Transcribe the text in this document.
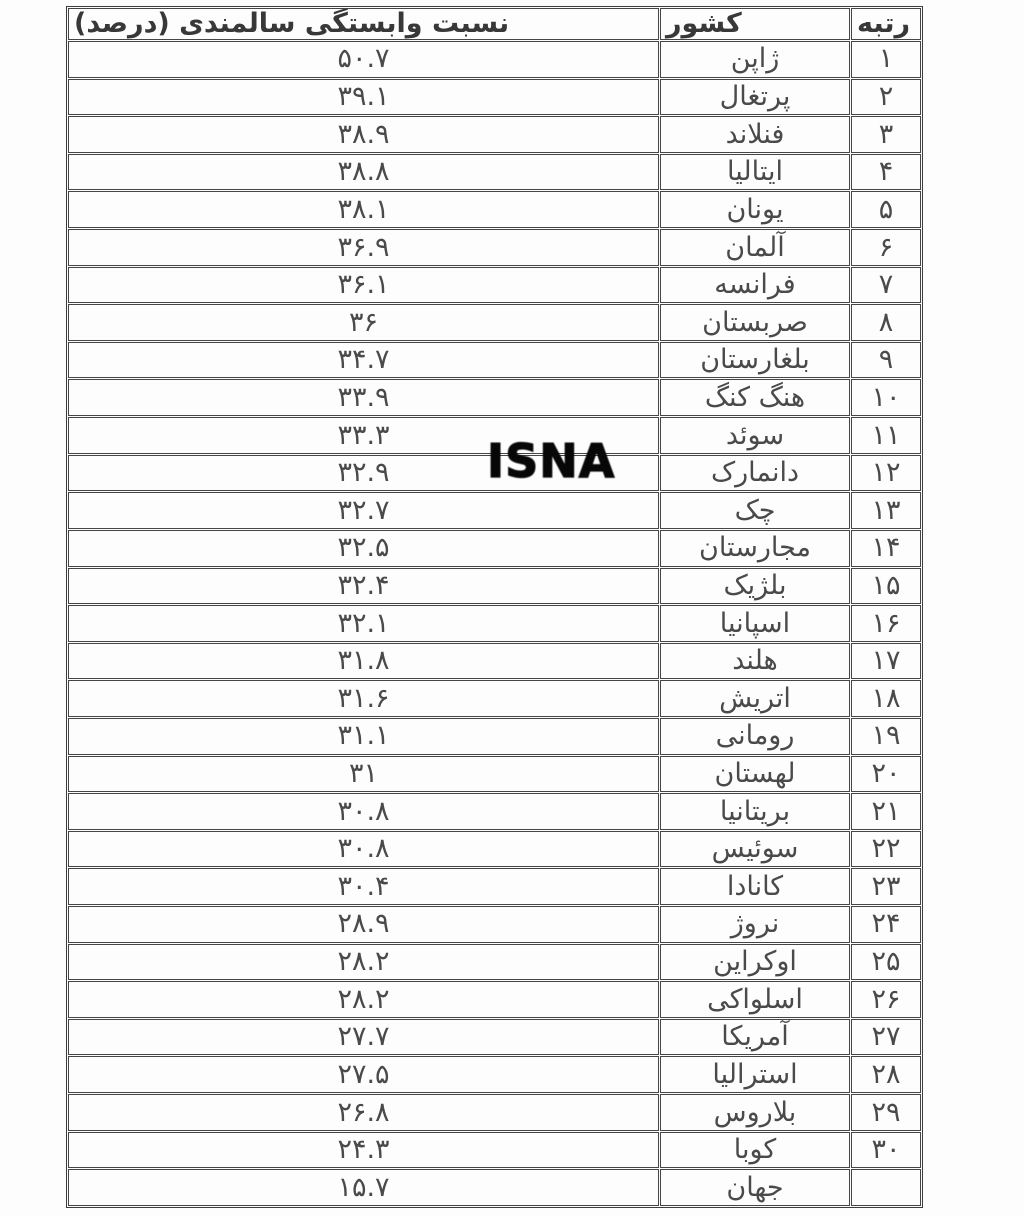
رتبه	کشور	نسبت وابستگی سالمندی (درصد)
۱	ژاپن	۵۰.۷
۲	پرتغال	۳۹.۱
۳	فنلاند	۳۸.۹
۴	ایتالیا	۳۸.۸
۵	یونان	۳۸.۱
۶	آلمان	۳۶.۹
۷	فرانسه	۳۶.۱
۸	صربستان	۳۶
۹	بلغارستان	۳۴.۷
۱۰	هنگ کنگ	۳۳.۹
۱۱	سوئد	۳۳.۳
۱۲	دانمارک	۳۲.۹
۱۳	چک	۳۲.۷
۱۴	مجارستان	۳۲.۵
۱۵	بلژیک	۳۲.۴
۱۶	اسپانیا	۳۲.۱
۱۷	هلند	۳۱.۸
۱۸	اتریش	۳۱.۶
۱۹	رومانی	۳۱.۱
۲۰	لهستان	۳۱
۲۱	بریتانیا	۳۰.۸
۲۲	سوئیس	۳۰.۸
۲۳	کانادا	۳۰.۴
۲۴	نروژ	۲۸.۹
۲۵	اوکراین	۲۸.۲
۲۶	اسلواکی	۲۸.۲
۲۷	آمریکا	۲۷.۷
۲۸	استرالیا	۲۷.۵
۲۹	بلاروس	۲۶.۸
۳۰	کوبا	۲۴.۳
	جهان	۱۵.۷
ISNA
